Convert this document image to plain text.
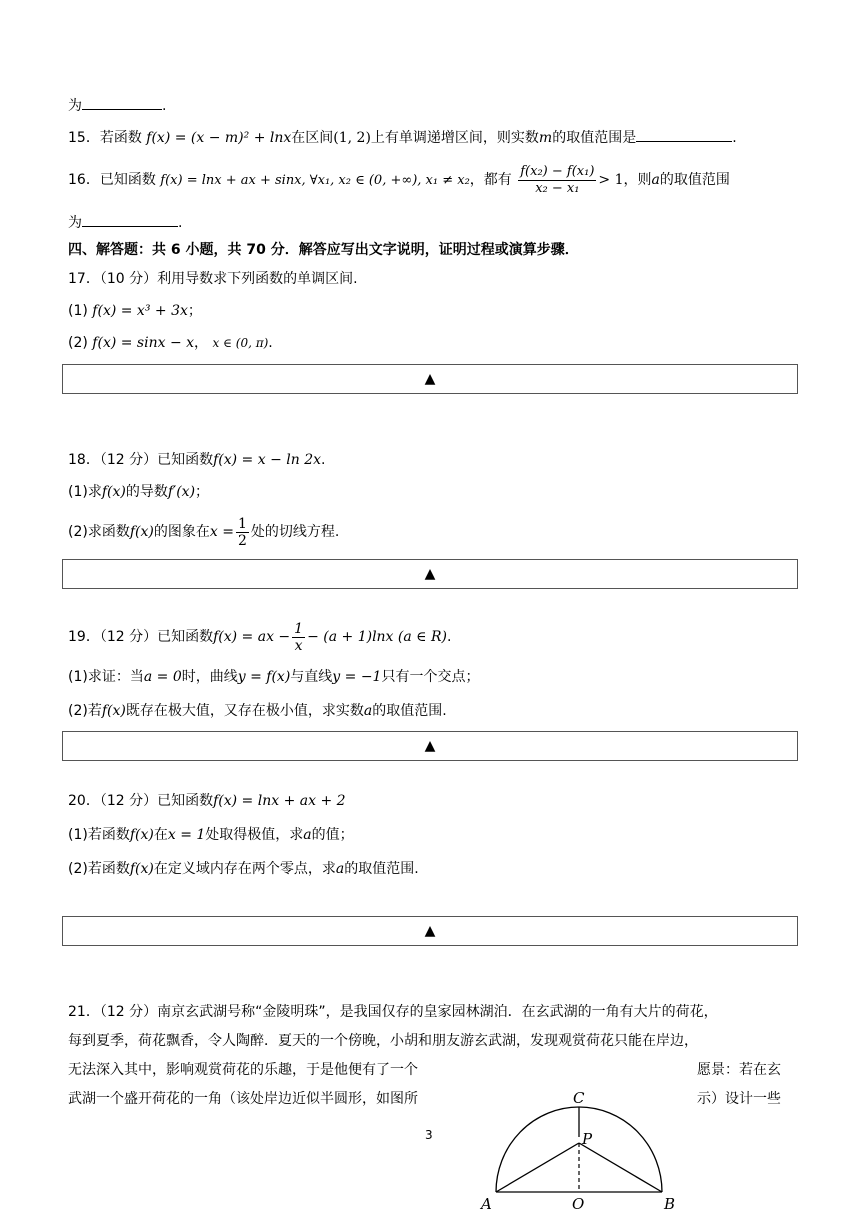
为	.
15．若函数 f(x) = (x − m)² + lnx在区间(1, 2)上有单调递增区间，则实数m的取值范围是	.
16．已知函数 f(x) = lnx + ax + sinx, ∀x₁, x₂ ∈ (0, +∞), x₁ ≠ x₂，都有 $\frac{\text{f(x₂) − f(x₁)}}{\text{x₂ − x₁}} > 1$，则a的取值范围
为	.
四、解答题：共 6 小题，共 70 分．解答应写出文字说明，证明过程或演算步骤．
17．（10 分）利用导数求下列函数的单调区间.
(1) f(x) = x³ + 3x；
(2) f(x) = sinx − x， x ∈ (0, π).
▲
18．（12 分）已知函数f(x) = x − ln 2x.
(1)求f(x)的导数f′(x)；
(2)求函数f(x)的图象在$x = \frac{1}{2}$ 处的切线方程.
▲
19．（12 分）已知函数f(x) = ax − $\frac{1}{x} - (a + 1)\ln x$ (a ∈ R).
(1)求证：当a = 0时，曲线y = f(x)与直线y = −1只有一个交点；
(2)若f(x)既存在极大值，又存在极小值，求实数a的取值范围.
▲
20．（12 分）已知函数f(x) = lnx + ax + 2
(1)若函数f(x)在x = 1处取得极值，求a的值；
(2)若函数f(x)在定义域内存在两个零点，求a的取值范围.
▲
21．（12 分）南京玄武湖号称“金陵明珠”，是我国仅存的皇家园林湖泊．在玄武湖的一角有大片的荷花，
每到夏季，荷花飘香，令人陶醉．夏天的一个傍晚，小胡和朋友游玄武湖，发现观赏荷花只能在岸边，
无法深入其中，影响观赏荷花的乐趣，于是他便有了一个	愿景：若在玄
武湖一个盛开荷花的一角（该处岸边近似半圆形，如图所	示）设计一些
C
P
A	O	B
3
